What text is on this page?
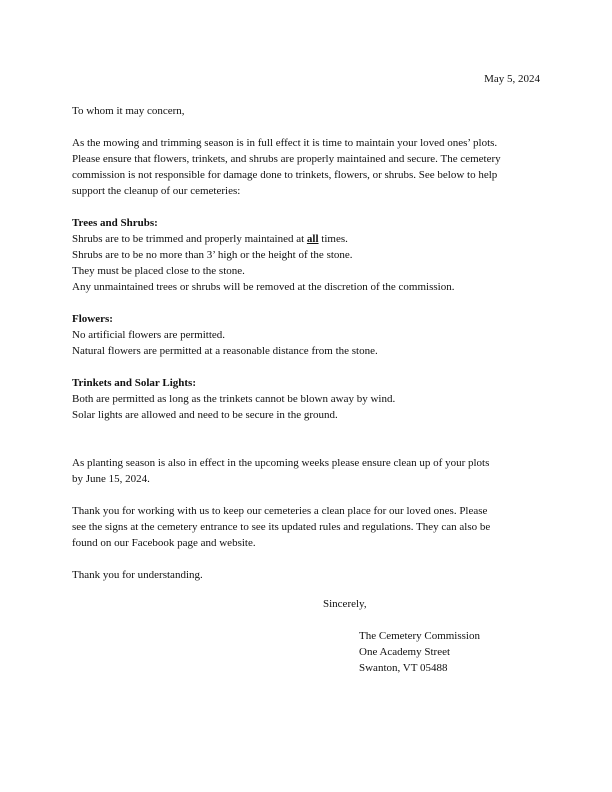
May 5, 2024

To whom it may concern,

As the mowing and trimming season is in full effect it is time to maintain your loved ones’ plots.

Please ensure that flowers, trinkets, and shrubs are properly maintained and secure. The cemetery

commission is not responsible for damage done to trinkets, flowers, or shrubs. See below to help

support the cleanup of our cemeteries:

Trees and Shrubs:

Shrubs are to be trimmed and properly maintained at all times.

Shrubs are to be no more than 3’ high or the height of the stone.

They must be placed close to the stone.

Any unmaintained trees or shrubs will be removed at the discretion of the commission.

Flowers:

No artificial flowers are permitted.

Natural flowers are permitted at a reasonable distance from the stone.

Trinkets and Solar Lights:

Both are permitted as long as the trinkets cannot be blown away by wind.

Solar lights are allowed and need to be secure in the ground.

As planting season is also in effect in the upcoming weeks please ensure clean up of your plots

by June 15, 2024.

Thank you for working with us to keep our cemeteries a clean place for our loved ones. Please

see the signs at the cemetery entrance to see its updated rules and regulations. They can also be

found on our Facebook page and website.

Thank you for understanding.

Sincerely,
The Cemetery Commission
One Academy Street
Swanton, VT 05488
